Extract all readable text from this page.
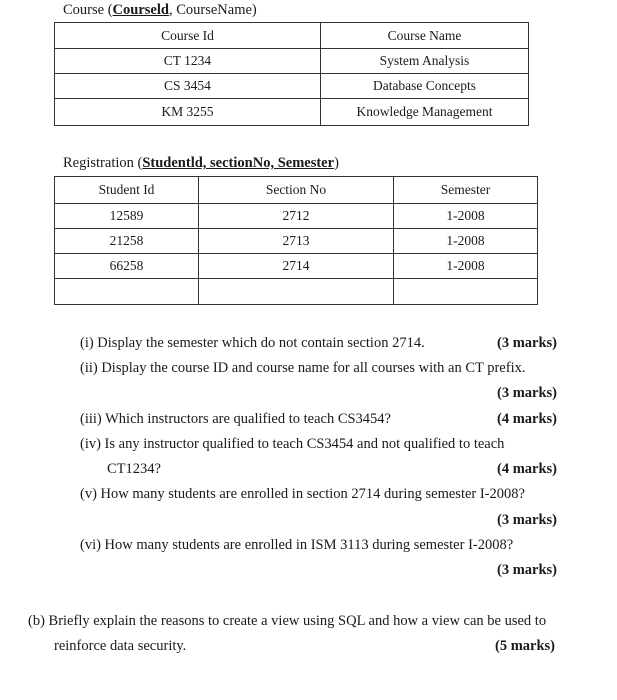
Course (Courseld, CourseName)
Course Id	Course Name
CT 1234	System Analysis
CS 3454	Database Concepts
KM 3255	Knowledge Management
Registration (Studentld, sectionNo, Semester)
Student Id	Section No	Semester
12589	2712	1-2008
21258	2713	1-2008
66258	2714	1-2008

(i) Display the semester which do not contain section 2714.	(3 marks)
(ii) Display the course ID and course name for all courses with an CT prefix.
(3 marks)
(iii) Which instructors are qualified to teach CS3454?	(4 marks)
(iv) Is any instructor qualified to teach CS3454 and not qualified to teach
CT1234?	(4 marks)
(v) How many students are enrolled in section 2714 during semester I-2008?
(3 marks)
(vi) How many students are enrolled in ISM 3113 during semester I-2008?
(3 marks)
(b) Briefly explain the reasons to create a view using SQL and how a view can be used to
reinforce data security.	(5 marks)
